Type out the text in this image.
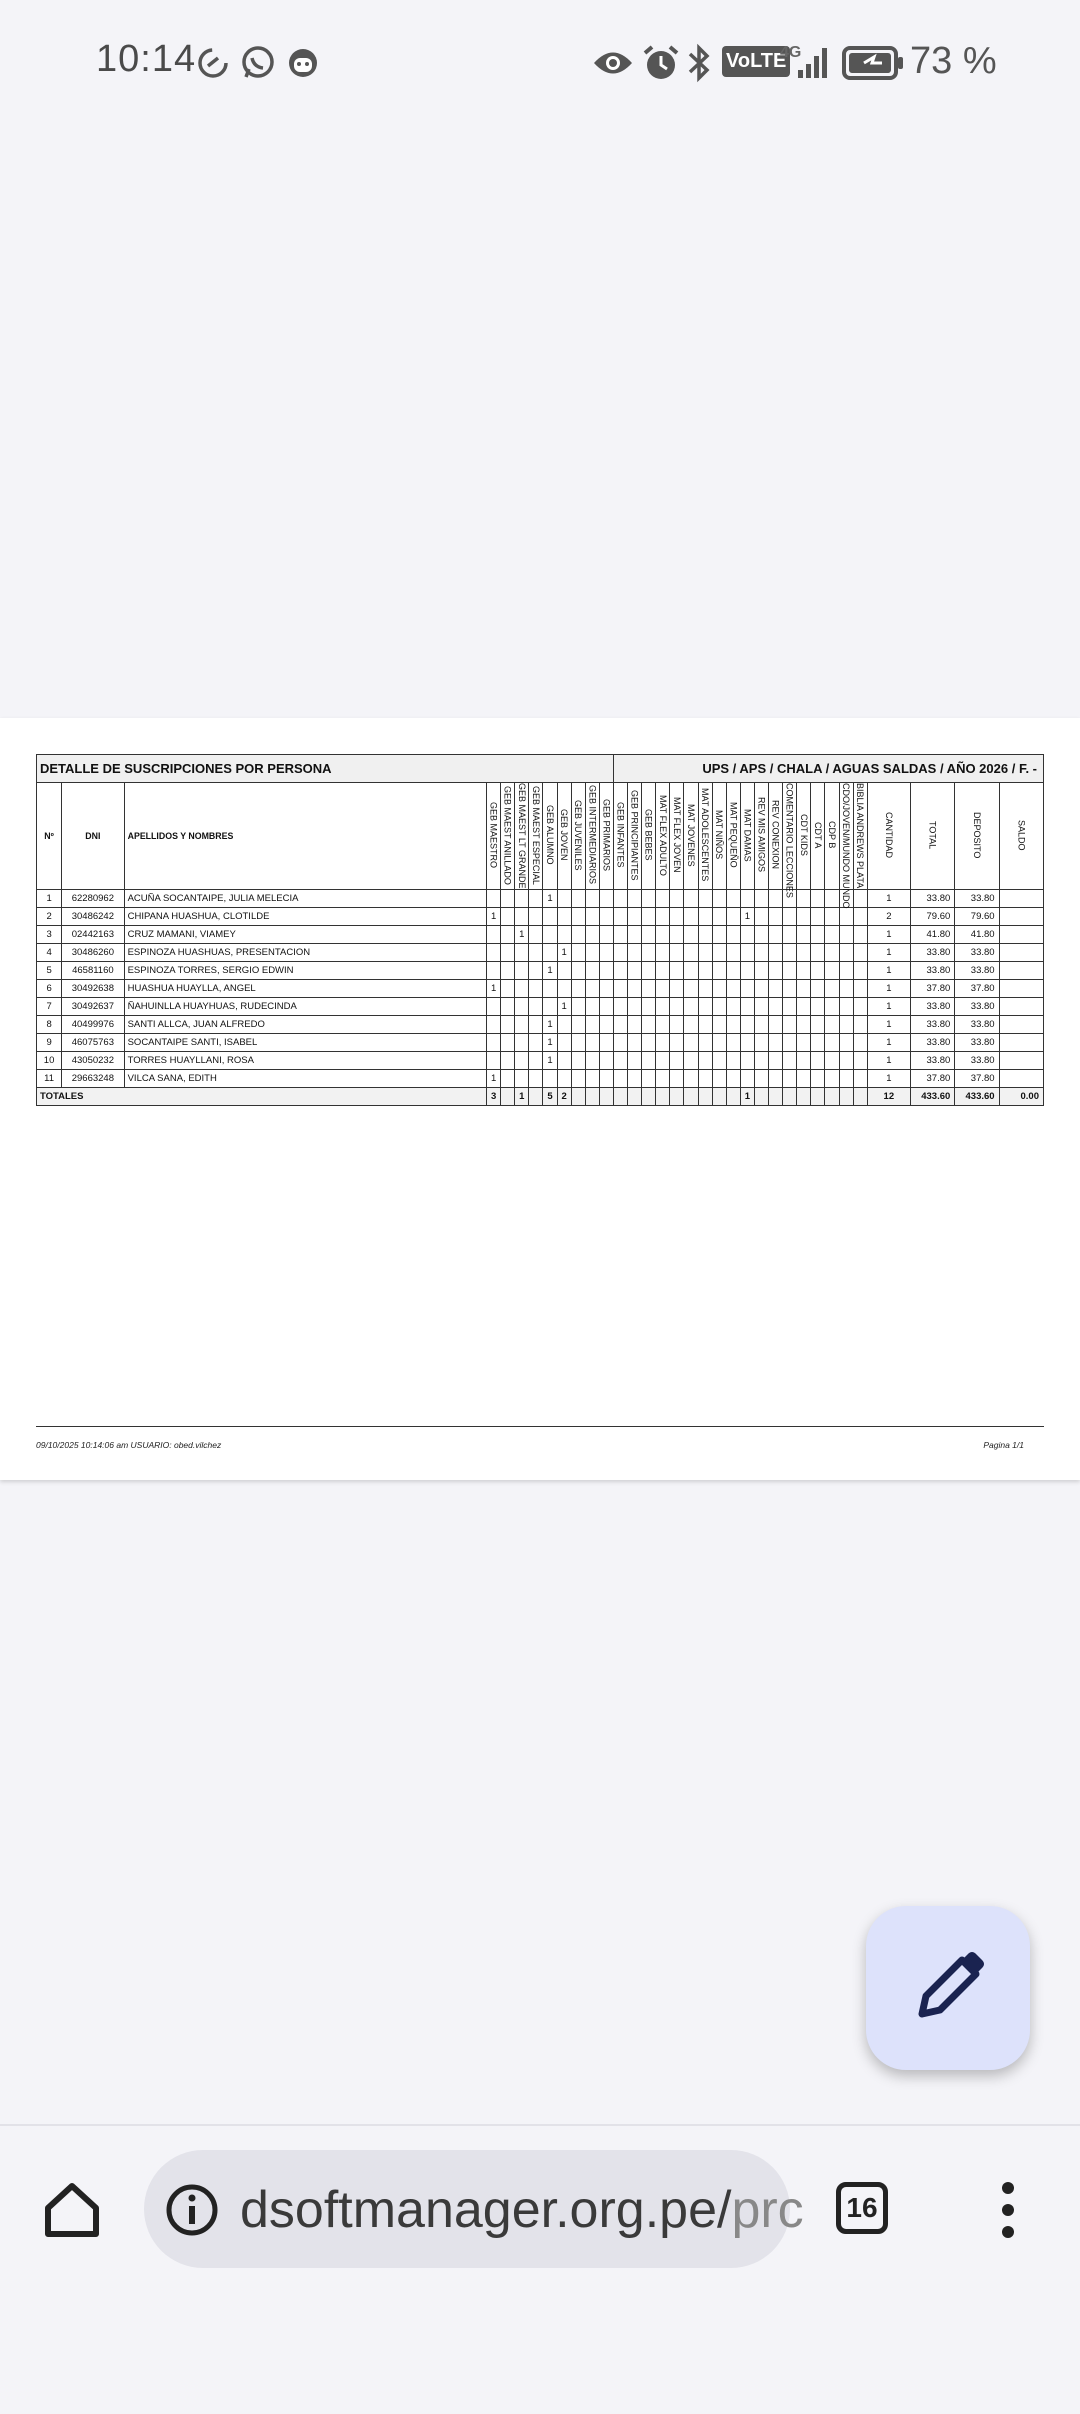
10:14	VoLTE
4G	73 %
DETALLE DE SUSCRIPCIONES POR PERSONA												UPS / APS / CHALA / AGUAS SALDAS / AÑO 2026 / F. -																					
Nº	DNI	APELLIDOS Y NOMBRES	GEB MAESTRO	GEB MAEST ANILLADO	GEB MAEST LT GRANDE	GEB MAEST ESPECIAL	GEB ALUMNO	GEB JOVEN	GEB JUVENILES	GEB INTERMEDIARIOS	GEB PRIMARIOS	GEB INFANTES	GEB PRINCIPIANTES	GEB BEBES	MAT FLEX ADULTO	MAT FLEX JOVEN	MAT JOVENES	MAT ADOLESCENTES	MAT NIÑOS	MAT PEQUEÑO	MAT DAMAS	REV MIS AMIGOS	REV CONEXION	COMENTARIO LECCIONES	CDT KIDS	CDT A	CDP B	CDO/JOVEN/MUNDO MUNDO	BIBLIA ANDREWS PLATA	CANTIDAD	TOTAL	DEPOSITO	SALDO
1	62280962	ACUÑA SOCANTAIPE, JULIA MELECIA					1																							1	33.80	33.80	
2	30486242	CHIPANA HUASHUA, CLOTILDE	1																		1									2	79.60	79.60	
3	02442163	CRUZ MAMANI, VIAMEY			1																									1	41.80	41.80	
4	30486260	ESPINOZA HUASHUAS, PRESENTACION						1																						1	33.80	33.80	
5	46581160	ESPINOZA TORRES, SERGIO EDWIN					1																							1	33.80	33.80	
6	30492638	HUASHUA HUAYLLA, ANGEL	1																											1	37.80	37.80	
7	30492637	ÑAHUINLLA HUAYHUAS, RUDECINDA						1																						1	33.80	33.80	
8	40499976	SANTI ALLCA, JUAN ALFREDO					1																							1	33.80	33.80	
9	46075763	SOCANTAIPE SANTI, ISABEL					1																							1	33.80	33.80	
10	43050232	TORRES HUAYLLANI, ROSA					1																							1	33.80	33.80	
11	29663248	VILCA SANA, EDITH	1																											1	37.80	37.80	
TOTALES			3		1		5	2													1									12	433.60	433.60	0.00
09/10/2025 10:14:06 am USUARIO: obed.vilchez	Pagina 1/1
dsoftmanager.org.pe/prc	16
